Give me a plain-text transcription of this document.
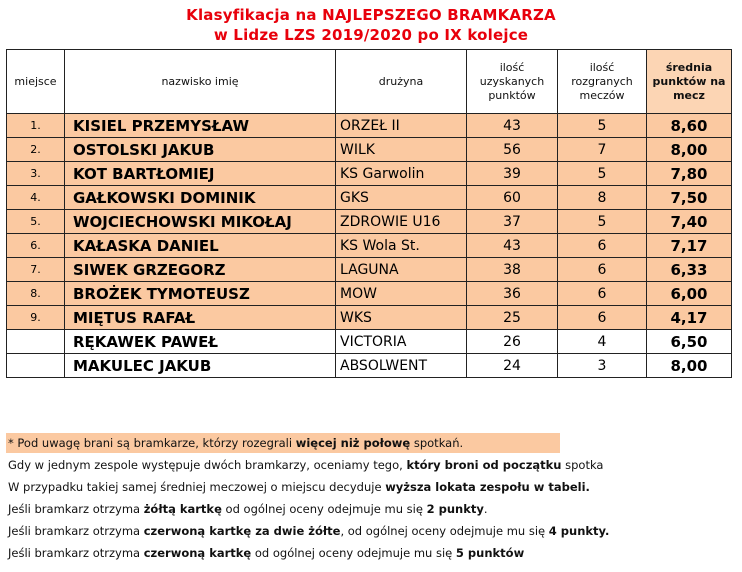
Klasyfikacja na NAJLEPSZEGO BRAMKARZA
w Lidze LZS 2019/2020 po IX kolejce
miejsce	nazwisko imię	drużyna	ilość uzyskanych punktów	ilość rozgranych meczów	średnia punktów na mecz
1.	KISIEL PRZEMYSŁAW	ORZEŁ II	43	5	8,60
2.	OSTOLSKI JAKUB	WILK	56	7	8,00
3.	KOT BARTŁOMIEJ	KS Garwolin	39	5	7,80
4.	GAŁKOWSKI DOMINIK	GKS	60	8	7,50
5.	WOJCIECHOWSKI MIKOŁAJ	ZDROWIE U16	37	5	7,40
6.	KAŁASKA DANIEL	KS Wola St.	43	6	7,17
7.	SIWEK GRZEGORZ	LAGUNA	38	6	6,33
8.	BROŻEK TYMOTEUSZ	MOW	36	6	6,00
9.	MIĘTUS RAFAŁ	WKS	25	6	4,17
	RĘKAWEK PAWEŁ	VICTORIA	26	4	6,50
	MAKULEC JAKUB	ABSOLWENT	24	3	8,00
* Pod uwagę brani są bramkarze, którzy rozegrali więcej niż połowę spotkań.
Gdy w jednym zespole występuje dwóch bramkarzy, oceniamy tego, który broni od początku spotka
W przypadku takiej samej średniej meczowej o miejscu decyduje wyższa lokata zespołu w tabeli.
Jeśli bramkarz otrzyma żółtą kartkę od ogólnej oceny odejmuje mu się 2 punkty.
Jeśli bramkarz otrzyma czerwoną kartkę za dwie żółte, od ogólnej oceny odejmuje mu się 4 punkty.
Jeśli bramkarz otrzyma czerwoną kartkę od ogólnej oceny odejmuje mu się 5 punktów
